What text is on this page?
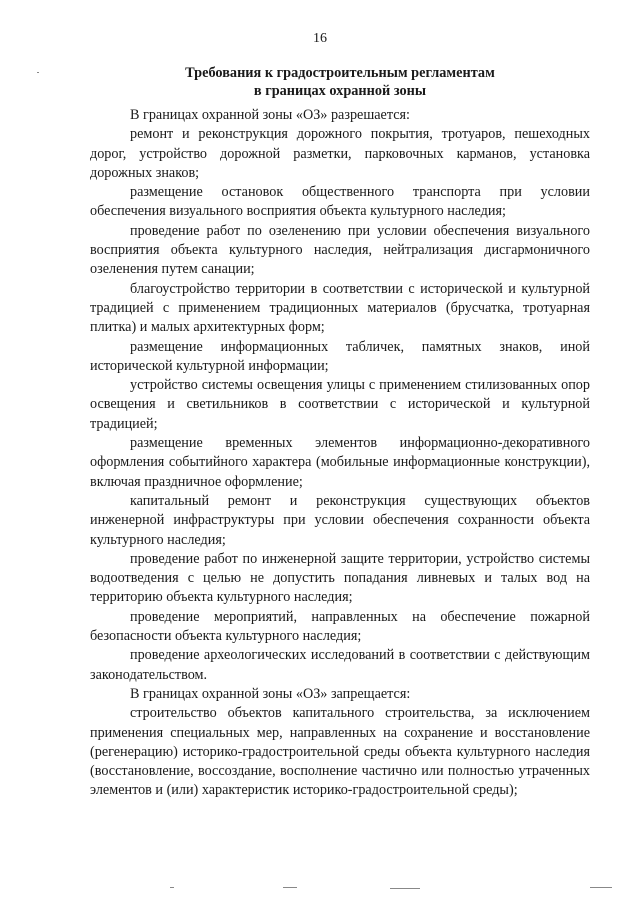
16
Требования к градостроительным регламентам
в границах охранной зоны

В границах охранной зоны «ОЗ» разрешается:

ремонт и реконструкция дорожного покрытия, тротуаров, пешеходных дорог, устройство дорожной разметки, парковочных карманов, установка дорожных знаков;

размещение остановок общественного транспорта при условии обеспечения визуального восприятия объекта культурного наследия;

проведение работ по озеленению при условии обеспечения визуального восприятия объекта культурного наследия, нейтрализация дисгармоничного озеленения путем санации;

благоустройство территории в соответствии с исторической и культурной традицией с применением традиционных материалов (брусчатка, тротуарная плитка) и малых архитектурных форм;

размещение информационных табличек, памятных знаков, иной исторической культурной информации;

устройство системы освещения улицы с применением стилизованных опор освещения и светильников в соответствии с исторической и культурной традицией;

размещение временных элементов информационно-декоративного оформления событийного характера (мобильные информационные конструкции), включая праздничное оформление;

капитальный ремонт и реконструкция существующих объектов инженерной инфраструктуры при условии обеспечения сохранности объекта культурного наследия;

проведение работ по инженерной защите территории, устройство системы водоотведения с целью не допустить попадания ливневых и талых вод на территорию объекта культурного наследия;

проведение мероприятий, направленных на обеспечение пожарной безопасности объекта культурного наследия;

проведение археологических исследований в соответствии с действующим законодательством.

В границах охранной зоны «ОЗ» запрещается:

строительство объектов капитального строительства, за исключением применения специальных мер, направленных на сохранение и восстановление (регенерацию) историко-градостроительной среды объекта культурного наследия (восстановление, воссоздание, восполнение частично или полностью утраченных элементов и (или) характеристик историко-градостроительной среды);
